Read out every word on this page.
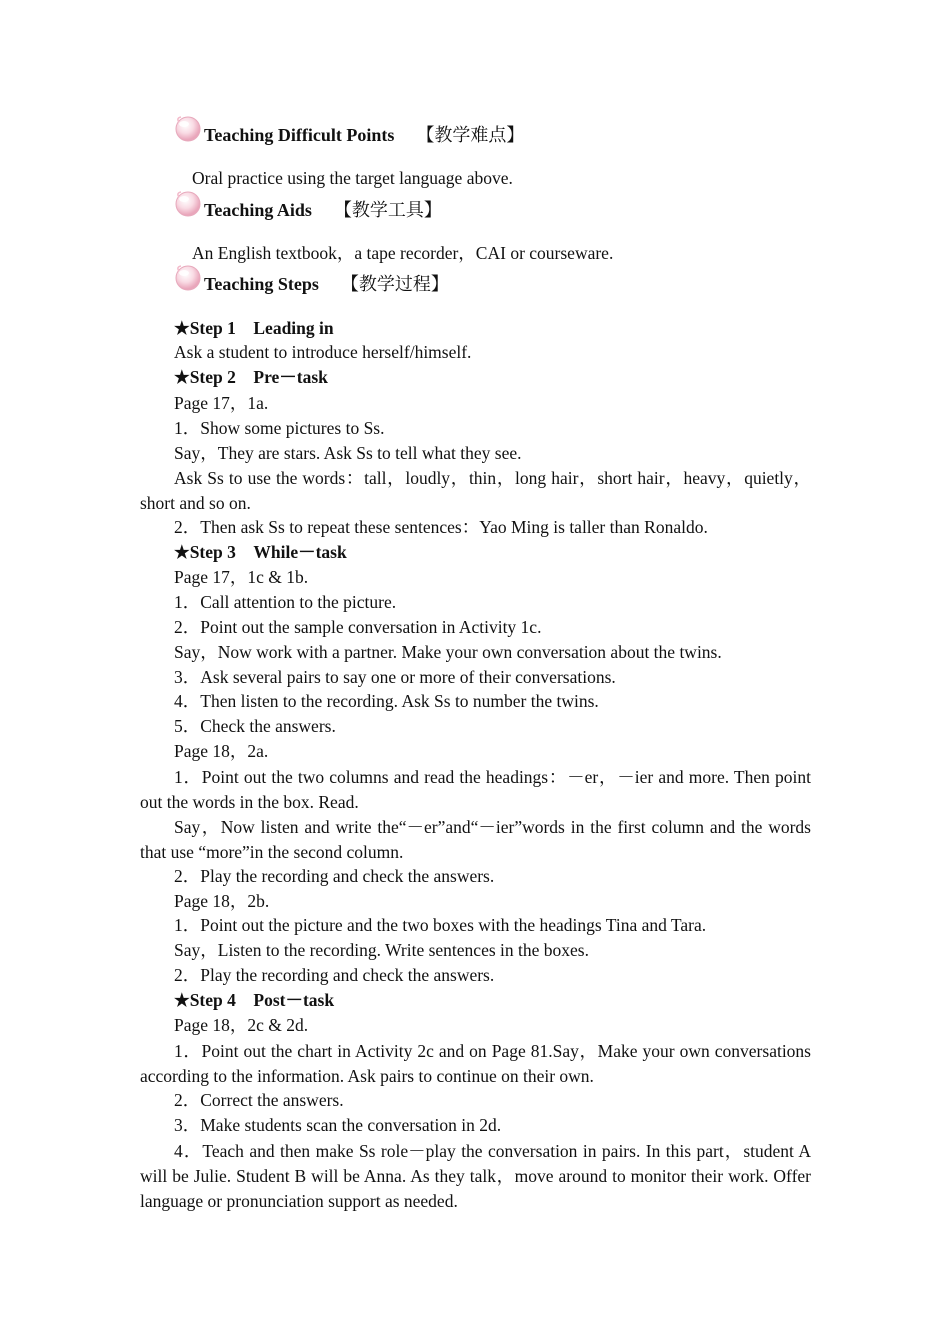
Teaching Difficult Points 【教学难点】
Oral practice using the target language above.
Teaching Aids 【教学工具】
An English textbook，a tape recorder，CAI or courseware.
Teaching Steps 【教学过程】
★Step 1　Leading in
Ask a student to introduce herself/himself.
★Step 2　Pre－task
Page 17，1a.
1．Show some pictures to Ss.
Say，They are stars. Ask Ss to tell what they see.
Ask Ss to use the words：tall，loudly，thin，long hair，short hair，heavy，quietly，short and so on.
2．Then ask Ss to repeat these sentences：Yao Ming is taller than Ronaldo.
★Step 3　While－task
Page 17，1c & 1b.
1．Call attention to the picture.
2．Point out the sample conversation in Activity 1c.
Say，Now work with a partner. Make your own conversation about the twins.
3．Ask several pairs to say one or more of their conversations.
4．Then listen to the recording. Ask Ss to number the twins.
5．Check the answers.
Page 18，2a.
1．Point out the two columns and read the headings：－er，－ier and more. Then point out the words in the box. Read.
Say，Now listen and write the“－er”and“－ier”words in the first column and the words that use “more”in the second column.
2．Play the recording and check the answers.
Page 18，2b.
1．Point out the picture and the two boxes with the headings Tina and Tara.
Say，Listen to the recording. Write sentences in the boxes.
2．Play the recording and check the answers.
★Step 4　Post－task
Page 18，2c & 2d.
1．Point out the chart in Activity 2c and on Page 81.Say，Make your own conversations according to the information. Ask pairs to continue on their own.
2．Correct the answers.
3．Make students scan the conversation in 2d.
4．Teach and then make Ss role－play the conversation in pairs. In this part，student A will be Julie. Student B will be Anna. As they talk，move around to monitor their work. Offer language or pronunciation support as needed.
